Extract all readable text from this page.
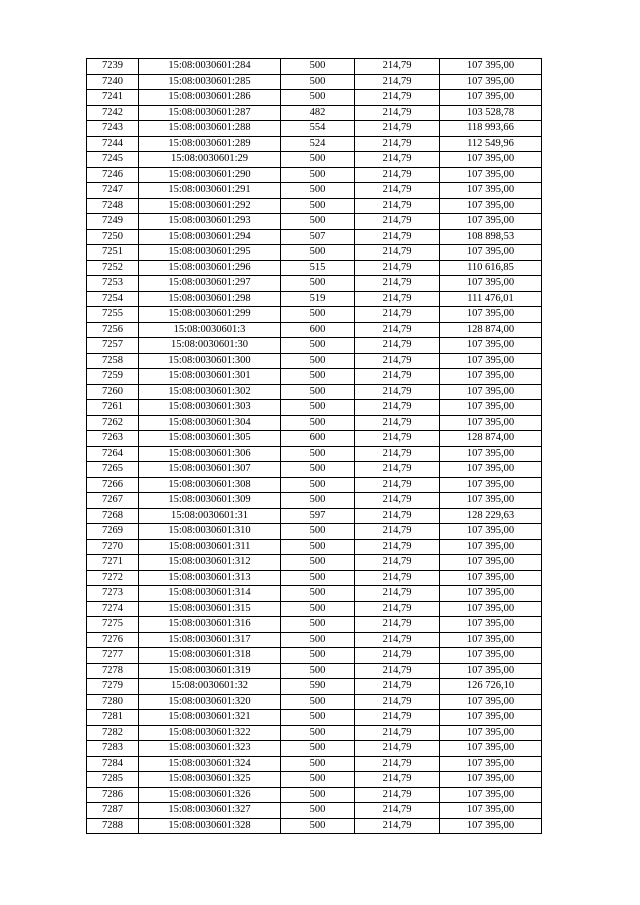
7239	15:08:0030601:284	500	214,79	107 395,00
7240	15:08:0030601:285	500	214,79	107 395,00
7241	15:08:0030601:286	500	214,79	107 395,00
7242	15:08:0030601:287	482	214,79	103 528,78
7243	15:08:0030601:288	554	214,79	118 993,66
7244	15:08:0030601:289	524	214,79	112 549,96
7245	15:08:0030601:29	500	214,79	107 395,00
7246	15:08:0030601:290	500	214,79	107 395,00
7247	15:08:0030601:291	500	214,79	107 395,00
7248	15:08:0030601:292	500	214,79	107 395,00
7249	15:08:0030601:293	500	214,79	107 395,00
7250	15:08:0030601:294	507	214,79	108 898,53
7251	15:08:0030601:295	500	214,79	107 395,00
7252	15:08:0030601:296	515	214,79	110 616,85
7253	15:08:0030601:297	500	214,79	107 395,00
7254	15:08:0030601:298	519	214,79	111 476,01
7255	15:08:0030601:299	500	214,79	107 395,00
7256	15:08:0030601:3	600	214,79	128 874,00
7257	15:08:0030601:30	500	214,79	107 395,00
7258	15:08:0030601:300	500	214,79	107 395,00
7259	15:08:0030601:301	500	214,79	107 395,00
7260	15:08:0030601:302	500	214,79	107 395,00
7261	15:08:0030601:303	500	214,79	107 395,00
7262	15:08:0030601:304	500	214,79	107 395,00
7263	15:08:0030601:305	600	214,79	128 874,00
7264	15:08:0030601:306	500	214,79	107 395,00
7265	15:08:0030601:307	500	214,79	107 395,00
7266	15:08:0030601:308	500	214,79	107 395,00
7267	15:08:0030601:309	500	214,79	107 395,00
7268	15:08:0030601:31	597	214,79	128 229,63
7269	15:08:0030601:310	500	214,79	107 395,00
7270	15:08:0030601:311	500	214,79	107 395,00
7271	15:08:0030601:312	500	214,79	107 395,00
7272	15:08:0030601:313	500	214,79	107 395,00
7273	15:08:0030601:314	500	214,79	107 395,00
7274	15:08:0030601:315	500	214,79	107 395,00
7275	15:08:0030601:316	500	214,79	107 395,00
7276	15:08:0030601:317	500	214,79	107 395,00
7277	15:08:0030601:318	500	214,79	107 395,00
7278	15:08:0030601:319	500	214,79	107 395,00
7279	15:08:0030601:32	590	214,79	126 726,10
7280	15:08:0030601:320	500	214,79	107 395,00
7281	15:08:0030601:321	500	214,79	107 395,00
7282	15:08:0030601:322	500	214,79	107 395,00
7283	15:08:0030601:323	500	214,79	107 395,00
7284	15:08:0030601:324	500	214,79	107 395,00
7285	15:08:0030601:325	500	214,79	107 395,00
7286	15:08:0030601:326	500	214,79	107 395,00
7287	15:08:0030601:327	500	214,79	107 395,00
7288	15:08:0030601:328	500	214,79	107 395,00
